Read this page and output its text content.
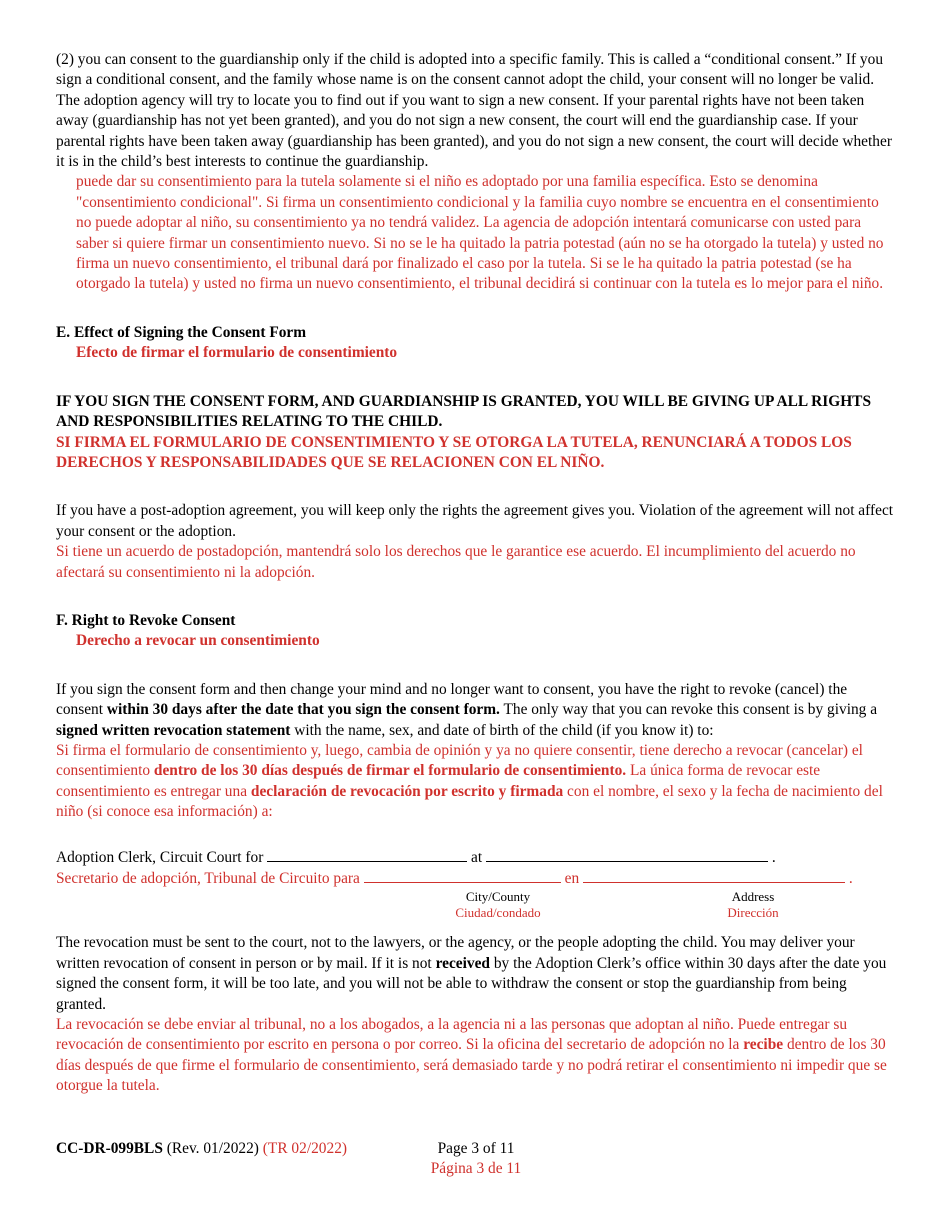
(2) you can consent to the guardianship only if the child is adopted into a specific family. This is called a “conditional consent.” If you sign a conditional consent, and the family whose name is on the consent cannot adopt the child, your consent will no longer be valid. The adoption agency will try to locate you to find out if you want to sign a new consent. If your parental rights have not been taken away (guardianship has not yet been granted), and you do not sign a new consent, the court will end the guardianship case. If your parental rights have been taken away (guardianship has been granted), and you do not sign a new consent, the court will decide whether it is in the child’s best interests to continue the guardianship.

puede dar su consentimiento para la tutela solamente si el niño es adoptado por una familia específica. Esto se denomina "consentimiento condicional". Si firma un consentimiento condicional y la familia cuyo nombre se encuentra en el consentimiento no puede adoptar al niño, su consentimiento ya no tendrá validez. La agencia de adopción intentará comunicarse con usted para saber si quiere firmar un consentimiento nuevo. Si no se le ha quitado la patria potestad (aún no se ha otorgado la tutela) y usted no firma un nuevo consentimiento, el tribunal dará por finalizado el caso por la tutela. Si se le ha quitado la patria potestad (se ha otorgado la tutela) y usted no firma un nuevo consentimiento, el tribunal decidirá si continuar con la tutela es lo mejor para el niño.

E. Effect of Signing the Consent Form

Efecto de firmar el formulario de consentimiento

IF YOU SIGN THE CONSENT FORM, AND GUARDIANSHIP IS GRANTED, YOU WILL BE GIVING UP ALL RIGHTS AND RESPONSIBILITIES RELATING TO THE CHILD.

SI FIRMA EL FORMULARIO DE CONSENTIMIENTO Y SE OTORGA LA TUTELA, RENUNCIARÁ A TODOS LOS DERECHOS Y RESPONSABILIDADES QUE SE RELACIONEN CON EL NIÑO.

If you have a post-adoption agreement, you will keep only the rights the agreement gives you. Violation of the agreement will not affect your consent or the adoption.

Si tiene un acuerdo de postadopción, mantendrá solo los derechos que le garantice ese acuerdo. El incumplimiento del acuerdo no afectará su consentimiento ni la adopción.

F. Right to Revoke Consent

Derecho a revocar un consentimiento

If you sign the consent form and then change your mind and no longer want to consent, you have the right to revoke (cancel) the consent within 30 days after the date that you sign the consent form. The only way that you can revoke this consent is by giving a signed written revocation statement with the name, sex, and date of birth of the child (if you know it) to:

Si firma el formulario de consentimiento y, luego, cambia de opinión y ya no quiere consentir, tiene derecho a revocar (cancelar) el consentimiento dentro de los 30 días después de firmar el formulario de consentimiento. La única forma de revocar este consentimiento es entregar una declaración de revocación por escrito y firmada con el nombre, el sexo y la fecha de nacimiento del niño (si conoce esa información) a:

Adoption Clerk, Circuit Court for	at	.

Secretario de adopción, Tribunal de Circuito para	en	.

City/County
Ciudad/condado
Address
Dirección

The revocation must be sent to the court, not to the lawyers, or the agency, or the people adopting the child. You may deliver your written revocation of consent in person or by mail. If it is not received by the Adoption Clerk’s office within 30 days after the date you signed the consent form, it will be too late, and you will not be able to withdraw the consent or stop the guardianship from being granted.

La revocación se debe enviar al tribunal, no a los abogados, a la agencia ni a las personas que adoptan al niño. Puede entregar su revocación de consentimiento por escrito en persona o por correo. Si la oficina del secretario de adopción no la recibe dentro de los 30 días después de que firme el formulario de consentimiento, será demasiado tarde y no podrá retirar el consentimiento ni impedir que se otorgue la tutela.

CC-DR-099BLS (Rev. 01/2022) (TR 02/2022)	Page 3 of 11
Página 3 de 11
